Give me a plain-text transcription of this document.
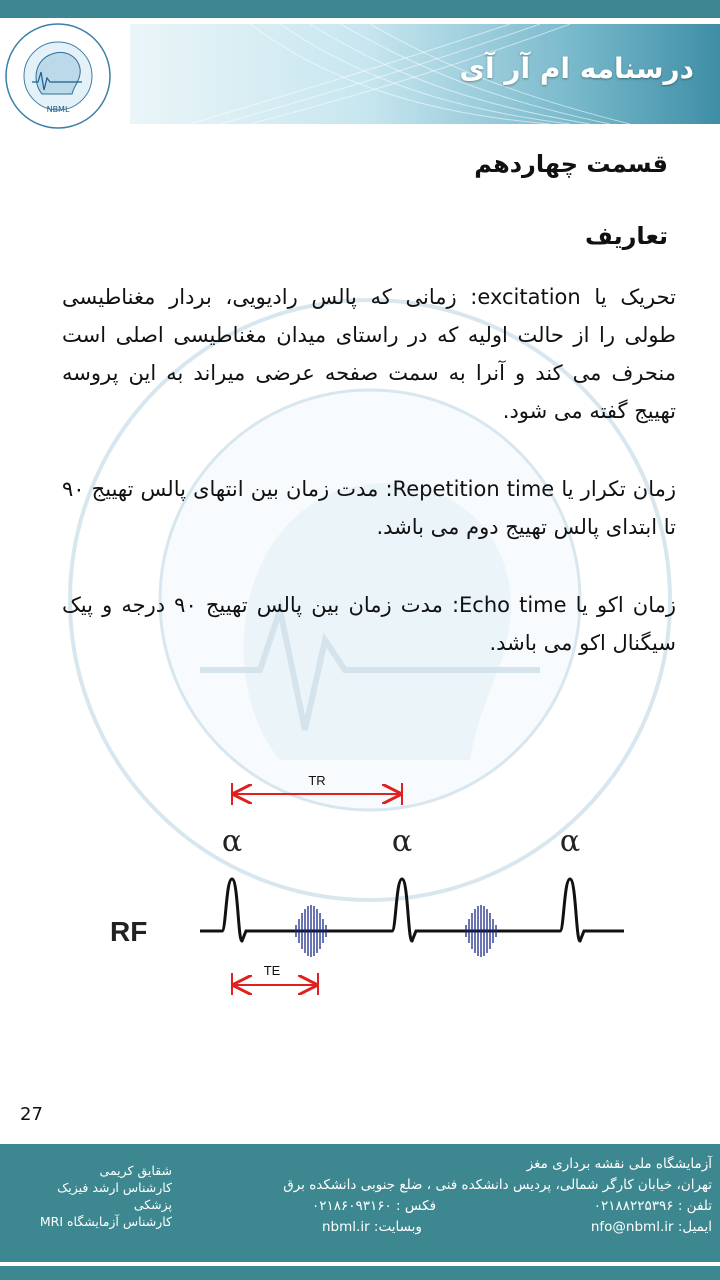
درسنامه ام آر آی
NBML
قسمت چهاردهم
تعاریف
تحریک یا excitation: زمانی که پالس رادیویی، بردار مغناطیسی طولی را از حالت اولیه که در راستای میدان مغناطیسی اصلی است منحرف می کند و آنرا به سمت صفحه عرضی میراند به این پروسه تهییج گفته می شود.
زمان تکرار یا Repetition time: مدت زمان بین انتهای پالس تهییج ۹۰ تا ابتدای پالس تهییج دوم می باشد.
زمان اکو یا Echo time: مدت زمان بین پالس تهییج ۹۰ درجه و پیک سیگنال اکو می باشد.
TR
α	α	α
RF
TE
27
آزمایشگاه ملی نقشه برداری مغز
تهران، خیابان کارگر شمالی، پردیس دانشکده فنی ، ضلع جنوبی دانشکده برق
تلفن : ۰۲۱۸۸۲۲۵۳۹۶
فکس : ۰۲۱۸۶۰۹۳۱۶۰
ایمیل: nfo@nbml.ir
وبسایت: nbml.ir
شقایق کریمی
کارشناس ارشد فیزیک پزشکی
کارشناس آزمایشگاه MRI
